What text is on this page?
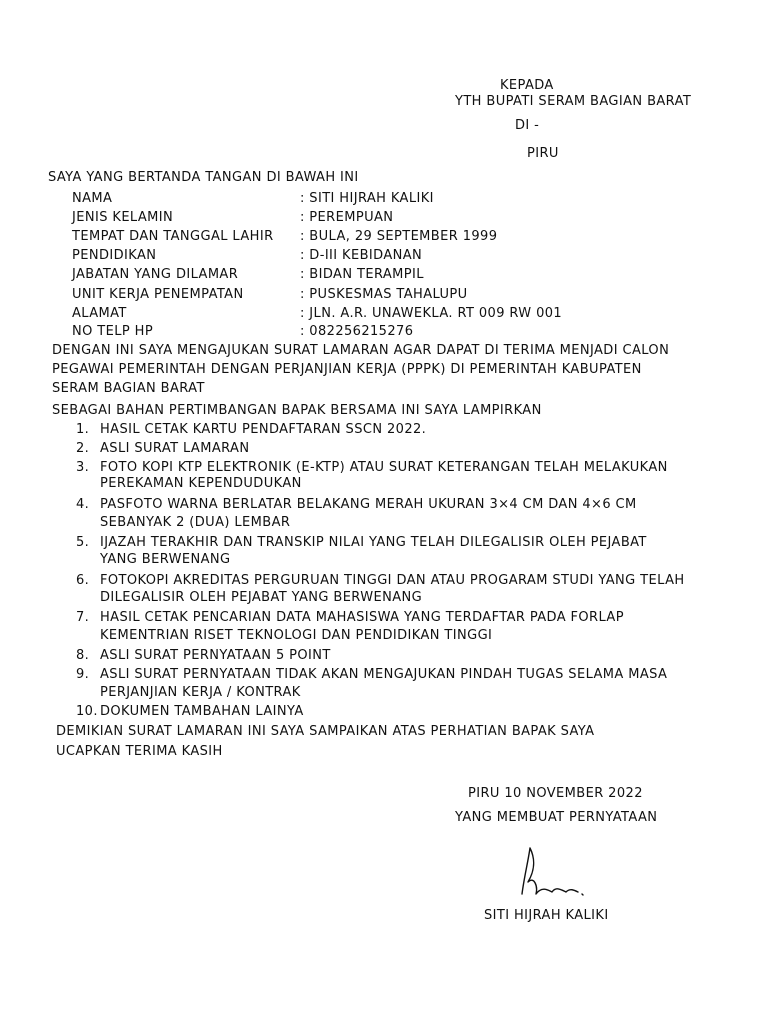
KEPADA
YTH BUPATI SERAM BAGIAN BARAT
DI -
PIRU
SAYA YANG BERTANDA TANGAN DI BAWAH INI
NAMA	: SITI HIJRAH KALIKI
JENIS KELAMIN	: PEREMPUAN
TEMPAT DAN TANGGAL LAHIR : BULA, 29 SEPTEMBER 1999
PENDIDIKAN	: D-III KEBIDANAN
JABATAN YANG DILAMAR	: BIDAN TERAMPIL
UNIT KERJA PENEMPATAN	: PUSKESMAS TAHALUPU
ALAMAT	: JLN. A.R. UNAWEKLA. RT 009 RW 001
NO TELP HP	: 082256215276
DENGAN INI SAYA MENGAJUKAN SURAT LAMARAN AGAR DAPAT DI TERIMA MENJADI CALON
PEGAWAI PEMERINTAH DENGAN PERJANJIAN KERJA (PPPK) DI PEMERINTAH KABUPATEN
SERAM BAGIAN BARAT
SEBAGAI BAHAN PERTIMBANGAN BAPAK BERSAMA INI SAYA LAMPIRKAN
1. HASIL CETAK KARTU PENDAFTARAN SSCN 2022.
2. ASLI SURAT LAMARAN
3. FOTO KOPI KTP ELEKTRONIK (E-KTP) ATAU SURAT KETERANGAN TELAH MELAKUKAN
PEREKAMAN KEPENDUDUKAN
4. PASFOTO WARNA BERLATAR BELAKANG MERAH UKURAN 3×4 CM DAN 4×6 CM
SEBANYAK 2 (DUA) LEMBAR
5. IJAZAH TERAKHIR DAN TRANSKIP NILAI YANG TELAH DILEGALISIR OLEH PEJABAT
YANG BERWENANG
6. FOTOKOPI AKREDITAS PERGURUAN TINGGI DAN ATAU PROGARAM STUDI YANG TELAH
DILEGALISIR OLEH PEJABAT YANG BERWENANG
7. HASIL CETAK PENCARIAN DATA MAHASISWA YANG TERDAFTAR PADA FORLAP
KEMENTRIAN RISET TEKNOLOGI DAN PENDIDIKAN TINGGI
8. ASLI SURAT PERNYATAAN 5 POINT
9. ASLI SURAT PERNYATAAN TIDAK AKAN MENGAJUKAN PINDAH TUGAS SELAMA MASA
PERJANJIAN KERJA / KONTRAK
10. DOKUMEN TAMBAHAN LAINYA
DEMIKIAN SURAT LAMARAN INI SAYA SAMPAIKAN ATAS PERHATIAN BAPAK SAYA
UCAPKAN TERIMA KASIH
PIRU 10 NOVEMBER 2022
YANG MEMBUAT PERNYATAAN
SITI HIJRAH KALIKI
